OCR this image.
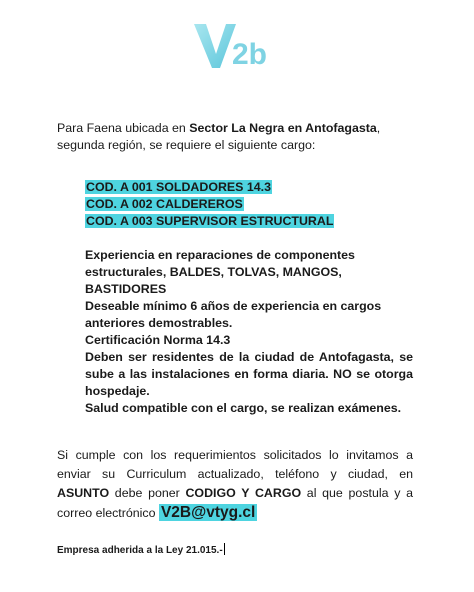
2b
Para Faena ubicada en Sector La Negra en Antofagasta,
segunda región, se requiere el siguiente cargo:
COD. A 001 SOLDADORES 14.3
COD. A 002 CALDEREROS
COD. A 003 SUPERVISOR ESTRUCTURAL
Experiencia en reparaciones de componentes estructurales, BALDES, TOLVAS, MANGOS, BASTIDORES
Deseable mínimo 6 años de experiencia en cargos anteriores demostrables.
Certificación Norma 14.3
Deben ser residentes de la ciudad de Antofagasta, se sube a las instalaciones en forma diaria. NO se otorga hospedaje.
Salud compatible con el cargo, se realizan exámenes.
Si cumple con los requerimientos solicitados lo invitamos a enviar su Curriculum actualizado, teléfono y ciudad, en ASUNTO debe poner CODIGO Y CARGO al que postula y a correo electrónico V2B@vtyg.cl
Empresa adherida a la Ley 21.015.-
